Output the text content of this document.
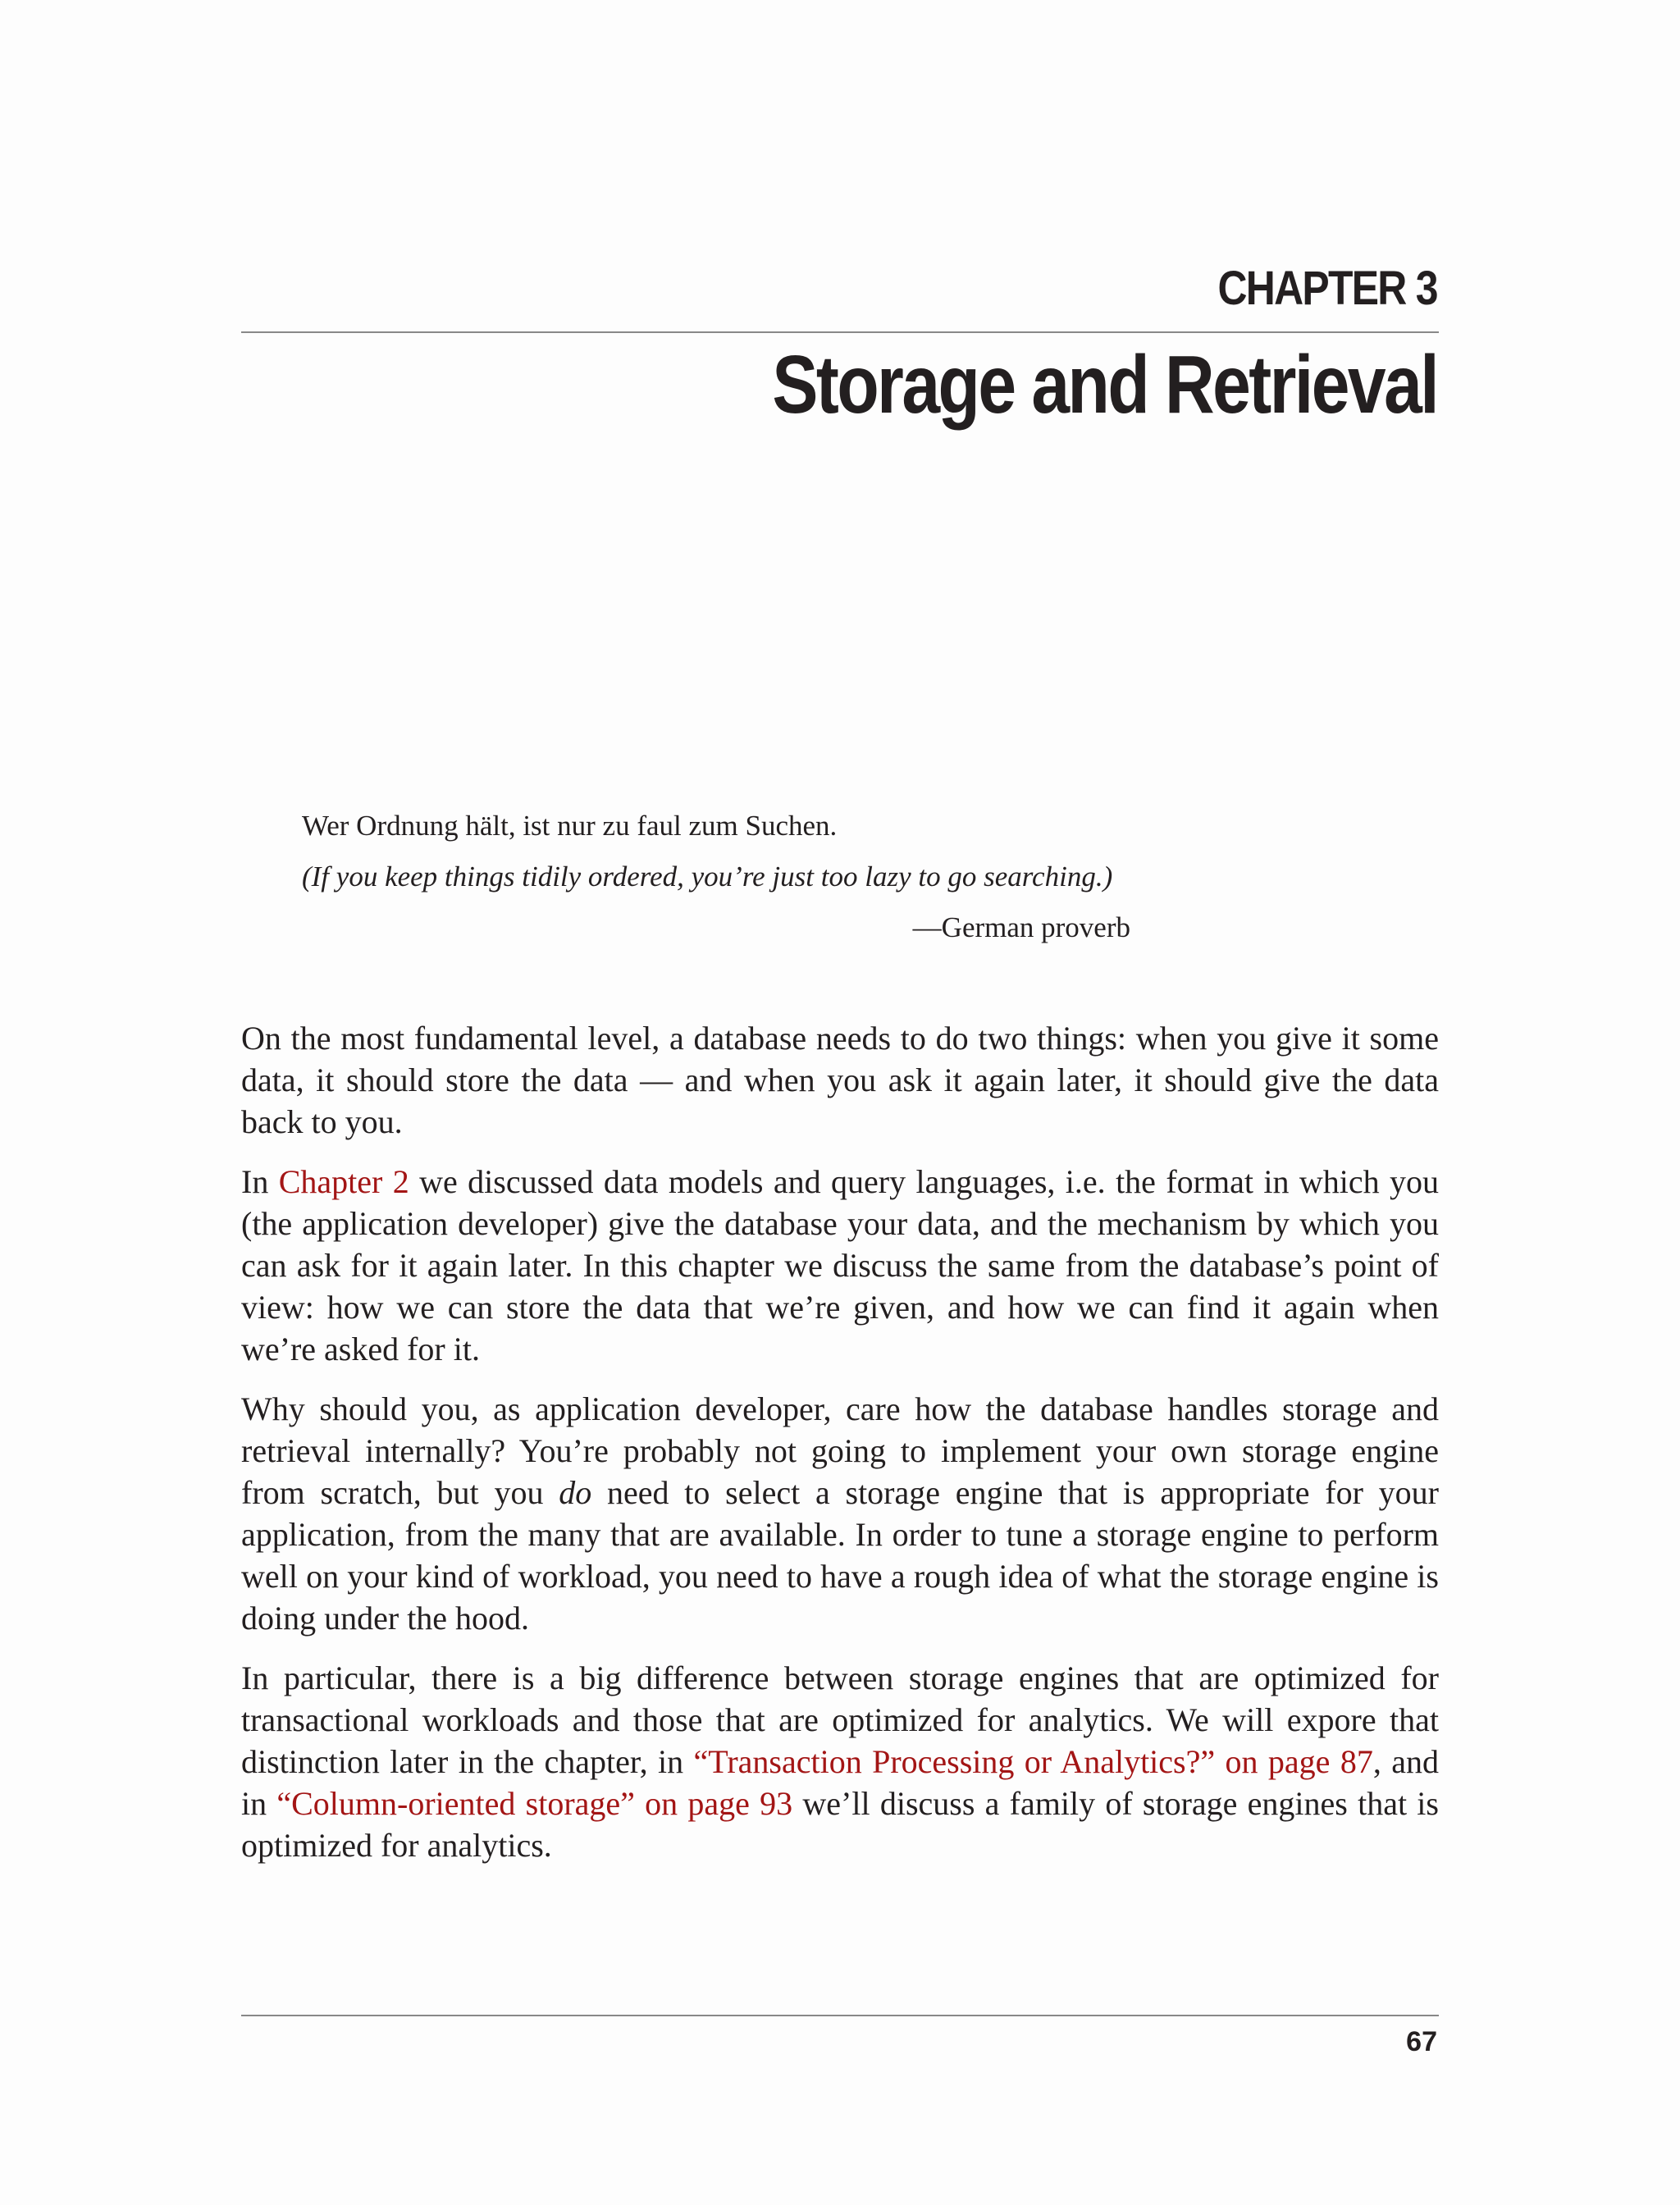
CHAPTER 3
Storage and Retrieval
Wer Ordnung hält, ist nur zu faul zum Suchen.
(If you keep things tidily ordered, you’re just too lazy to go searching.)
—German proverb

On the most fundamental level, a database needs to do two things: when you give it some data, it should store the data — and when you ask it again later, it should give the data back to you.

In Chapter 2 we discussed data models and query languages, i.e. the format in which you (the application developer) give the database your data, and the mechanism by which you can ask for it again later. In this chapter we discuss the same from the database’s point of view: how we can store the data that we’re given, and how we can find it again when we’re asked for it.

Why should you, as application developer, care how the database handles storage and retrieval internally? You’re probably not going to implement your own storage engine from scratch, but you do need to select a storage engine that is appropriate for your application, from the many that are available. In order to tune a storage engine to perform well on your kind of workload, you need to have a rough idea of what the storage engine is doing under the hood.

In particular, there is a big difference between storage engines that are optimized for transactional workloads and those that are optimized for analytics. We will expore that distinction later in the chapter, in “Transaction Processing or Analytics?” on page 87, and in “Column-oriented storage” on page 93 we’ll discuss a family of storage engines that is optimized for analytics.

67
